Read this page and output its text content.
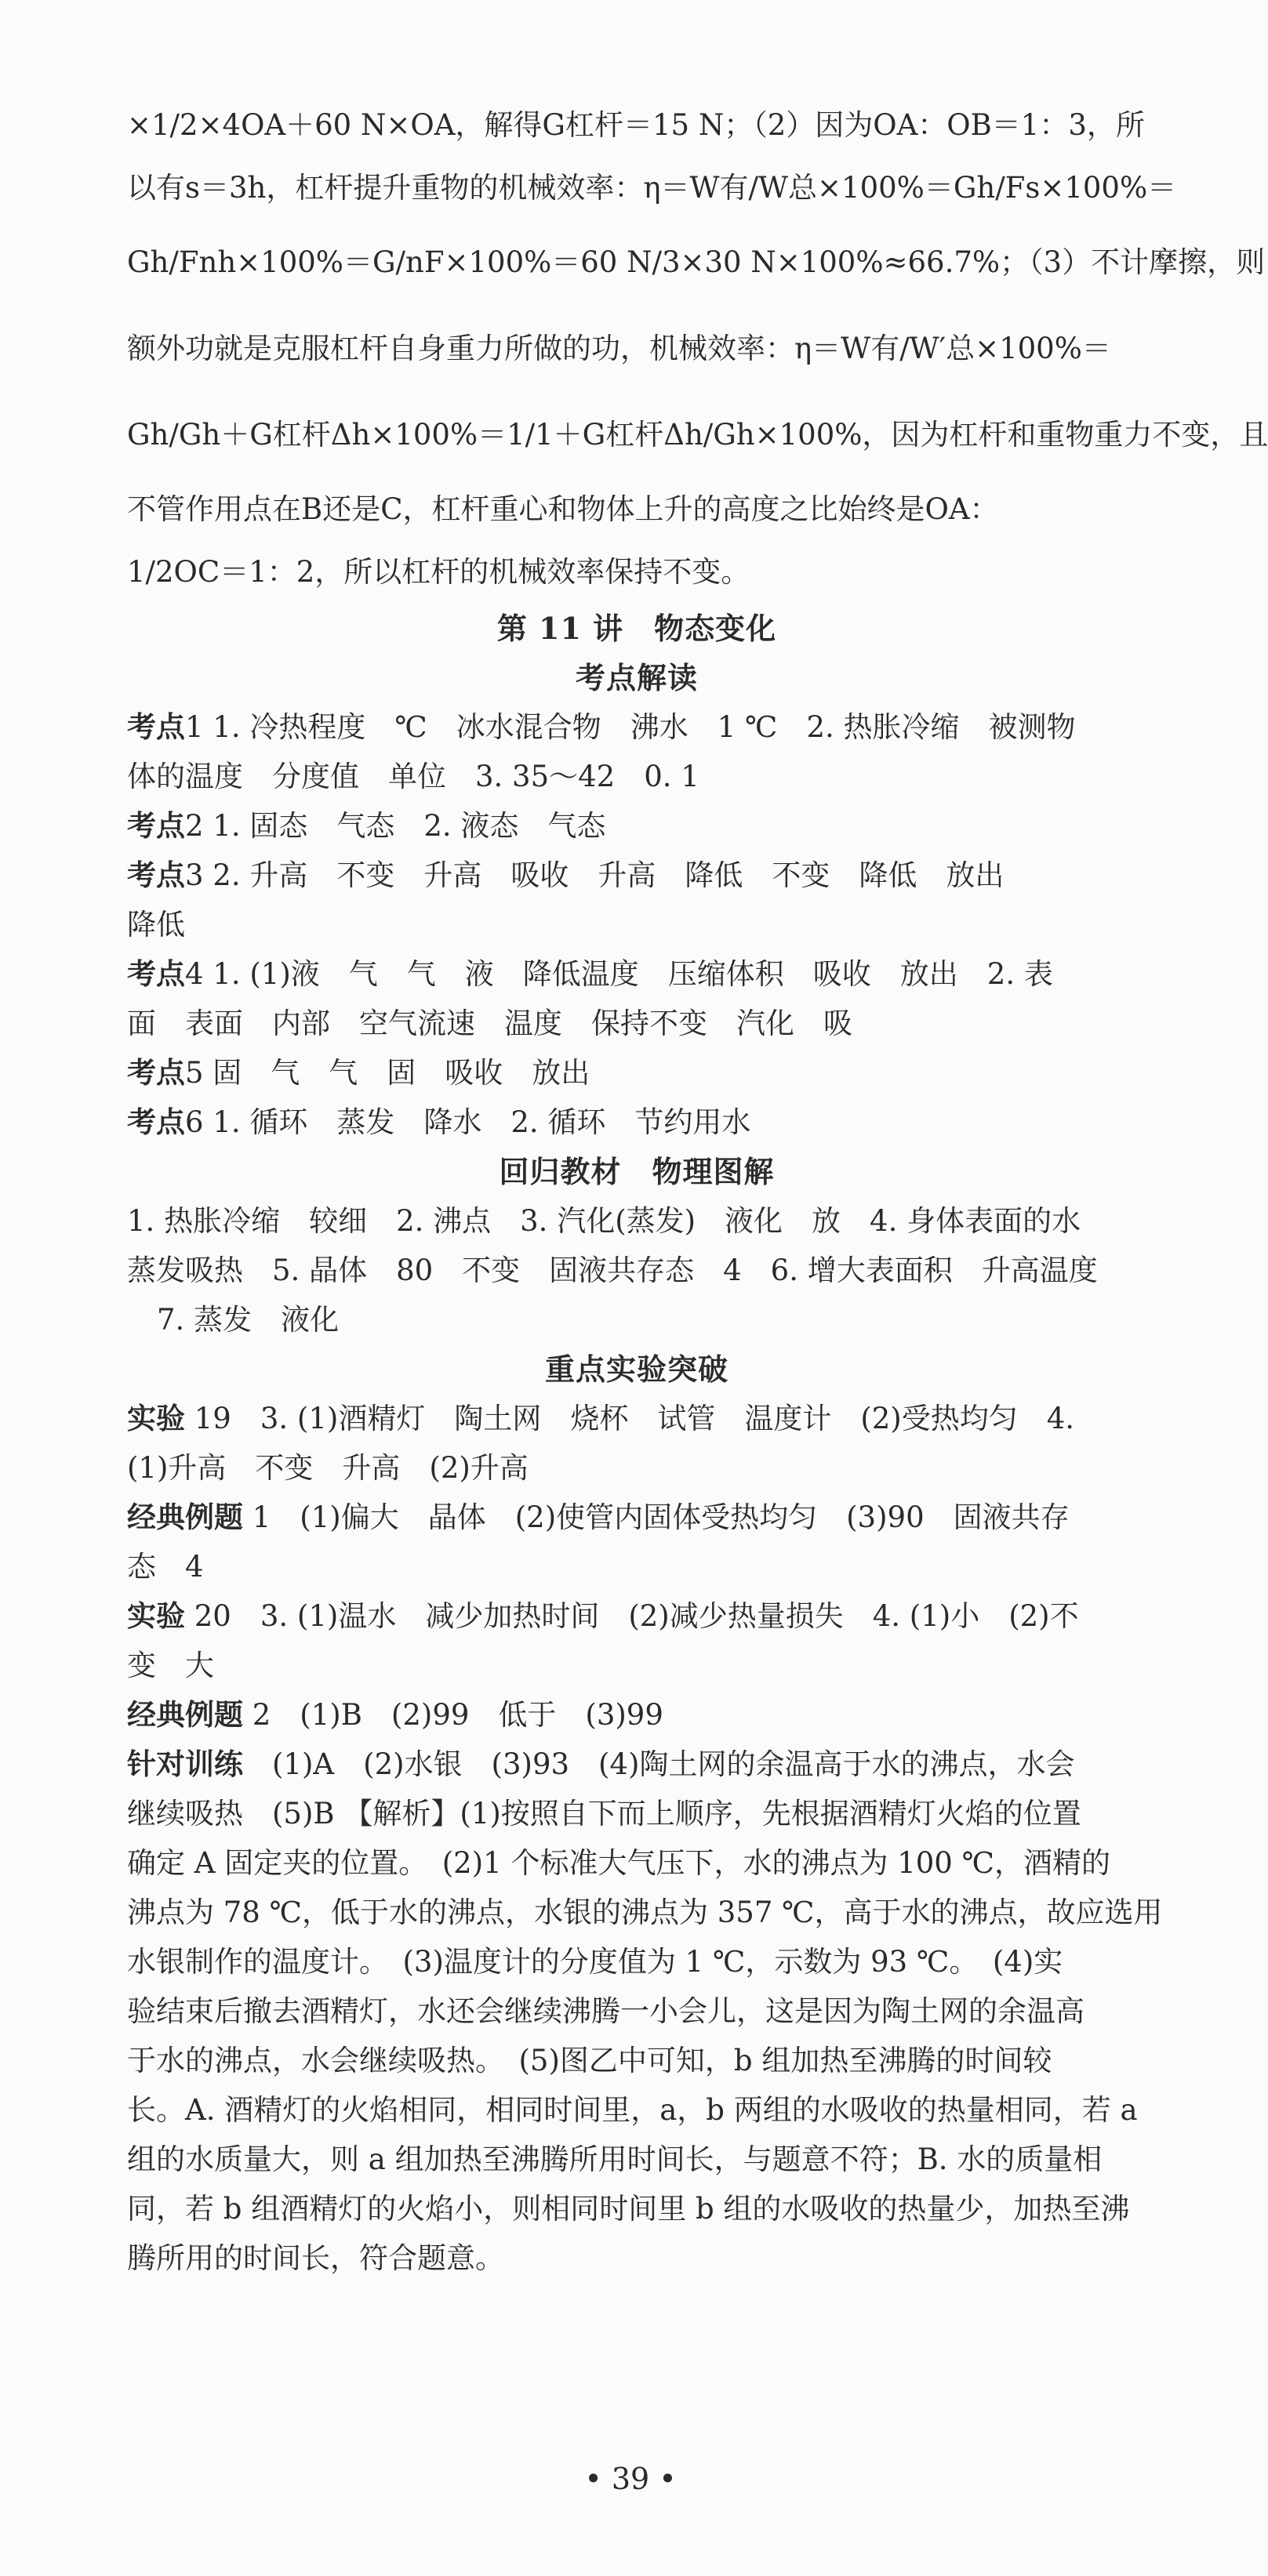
×1/2×4OA＋60 N×OA，解得G杠杆＝15 N；（2）因为OA：OB＝1：3，所
以有s＝3h，杠杆提升重物的机械效率：η＝W有/W总×100%＝Gh/Fs×100%＝
Gh/Fnh×100%＝G/nF×100%＝60 N/3×30 N×100%≈66.7%；（3）不计摩擦，则
额外功就是克服杠杆自身重力所做的功，机械效率：η＝W有/W′总×100%＝
Gh/Gh＋G杠杆Δh×100%＝1/1＋G杠杆Δh/Gh×100%，因为杠杆和重物重力不变，且
不管作用点在B还是C，杠杆重心和物体上升的高度之比始终是OA：
1/2OC＝1：2，所以杠杆的机械效率保持不变。
第 11 讲　物态变化
考点解读
考点1 1. 冷热程度　℃　冰水混合物　沸水　1 ℃　2. 热胀冷缩　被测物
体的温度　分度值　单位　3. 35～42　0. 1
考点2 1. 固态　气态　2. 液态　气态
考点3 2. 升高　不变　升高　吸收　升高　降低　不变　降低　放出
降低
考点4 1. (1)液　气　气　液　降低温度　压缩体积　吸收　放出　2. 表
面　表面　内部　空气流速　温度　保持不变　汽化　吸
考点5 固　气　气　固　吸收　放出
考点6 1. 循环　蒸发　降水　2. 循环　节约用水
回归教材　物理图解
1. 热胀冷缩　较细　2. 沸点　3. 汽化(蒸发)　液化　放　4. 身体表面的水
蒸发吸热　5. 晶体　80　不变　固液共存态　4　6. 增大表面积　升高温度
7. 蒸发　液化
重点实验突破
实验 19　3. (1)酒精灯　陶土网　烧杯　试管　温度计　(2)受热均匀　4.
(1)升高　不变　升高　(2)升高
经典例题 1　(1)偏大　晶体　(2)使管内固体受热均匀　(3)90　固液共存
态　4
实验 20　3. (1)温水　减少加热时间　(2)减少热量损失　4. (1)小　(2)不
变　大
经典例题 2　(1)B　(2)99　低于　(3)99
针对训练　(1)A　(2)水银　(3)93　(4)陶土网的余温高于水的沸点，水会
继续吸热　(5)B 【解析】(1)按照自下而上顺序，先根据酒精灯火焰的位置
确定 A 固定夹的位置。　(2)1 个标准大气压下，水的沸点为 100 ℃，酒精的
沸点为 78 ℃，低于水的沸点，水银的沸点为 357 ℃，高于水的沸点，故应选用
水银制作的温度计。　(3)温度计的分度值为 1 ℃，示数为 93 ℃。　(4)实
验结束后撤去酒精灯，水还会继续沸腾一小会儿，这是因为陶土网的余温高
于水的沸点，水会继续吸热。　(5)图乙中可知，b 组加热至沸腾的时间较
长。A. 酒精灯的火焰相同，相同时间里，a，b 两组的水吸收的热量相同，若 a
组的水质量大，则 a 组加热至沸腾所用时间长，与题意不符；B. 水的质量相
同，若 b 组酒精灯的火焰小，则相同时间里 b 组的水吸收的热量少，加热至沸
腾所用的时间长，符合题意。
• 39 •
